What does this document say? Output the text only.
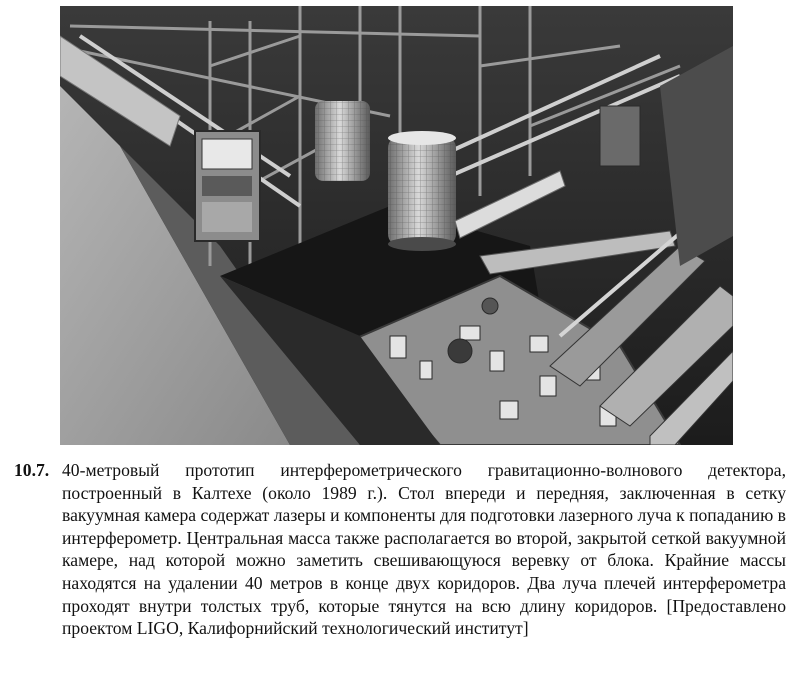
10.7. 40-метровый прототип интерферометрического гравитационно-волнового детектора, построенный в Калтехе (около 1989 г.). Стол впереди и передняя, заключенная в сетку вакуумная камера содержат лазеры и компоненты для подготовки лазерного луча к попаданию в интерферометр. Центральная масса также располагается во второй, закрытой сеткой вакуумной камере, над которой можно заметить свешивающуюся веревку от блока. Крайние массы находятся на удалении 40 метров в конце двух коридоров. Два луча плечей интерферометра проходят внутри толстых труб, которые тянутся на всю длину коридоров. [Предоставлено проектом LIGO, Калифорнийский технологический институт]
